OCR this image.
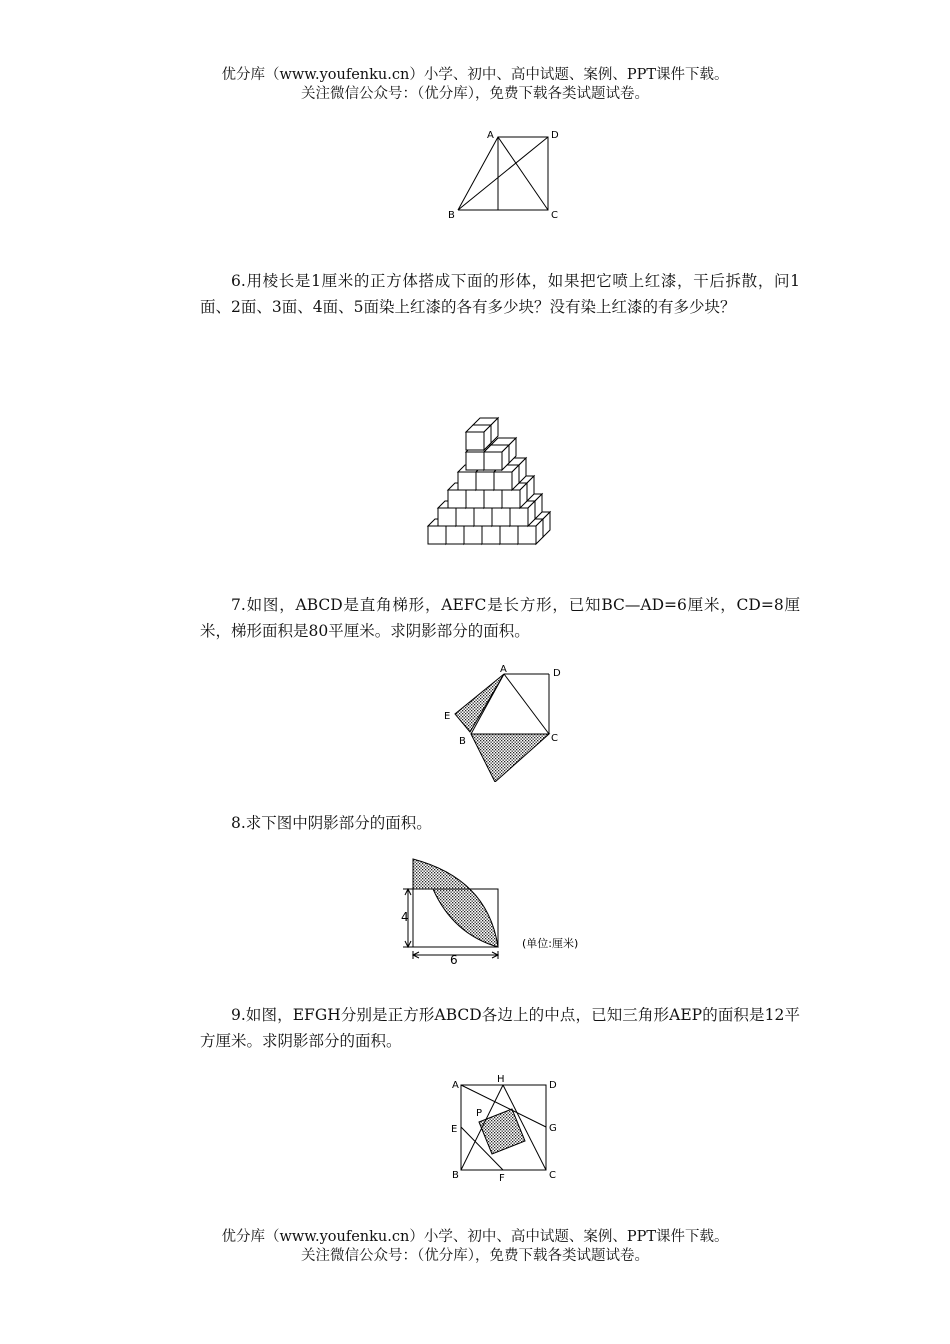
优分库（www.youfenku.cn）小学、初中、高中试题、案例、PPT课件下载。
关注微信公众号：（优分库），免费下载各类试题试卷。
A	D
B	C

6.用棱长是1厘米的正方体搭成下面的形体，如果把它喷上红漆，干后拆散，问1面、2面、3面、4面、5面染上红漆的各有多少块？没有染上红漆的有多少块？

7.如图，ABCD是直角梯形，AEFC是长方形，已知BC—AD=6厘米，CD=8厘米，梯形面积是80平厘米。求阴影部分的面积。

A	D
E
B	C

8.求下图中阴影部分的面积。

4
6
(单位:厘米)

9.如图，EFGH分别是正方形ABCD各边上的中点，已知三角形AEP的面积是12平方厘米。求阴影部分的面积。

A
H
D
P
E	G
B	F	C
优分库（www.youfenku.cn）小学、初中、高中试题、案例、PPT课件下载。
关注微信公众号：（优分库），免费下载各类试题试卷。
